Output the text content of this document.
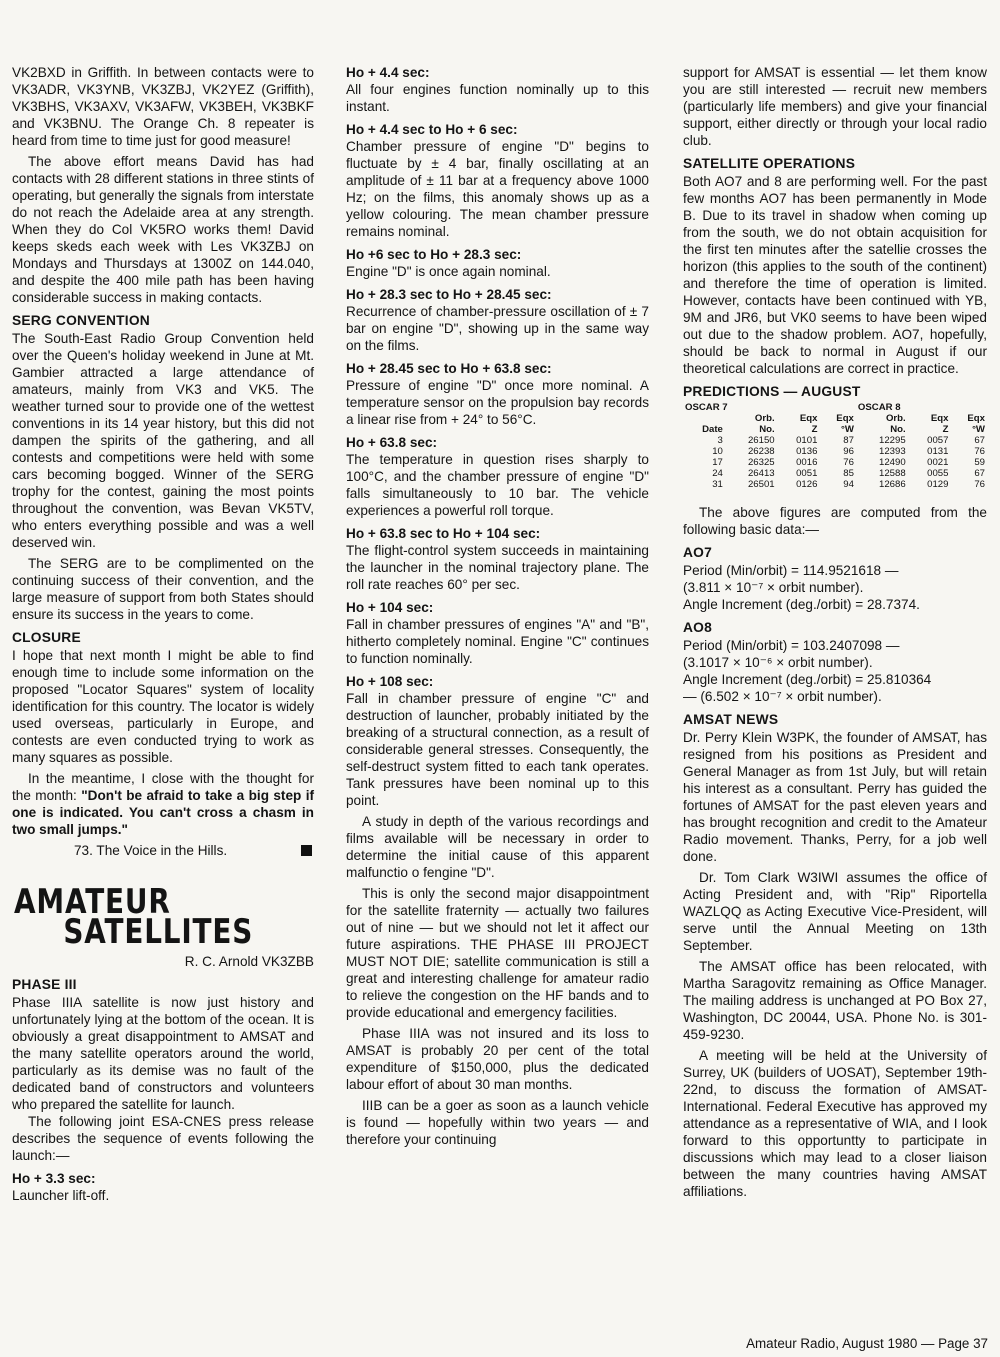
VK2BXD in Griffith. In between contacts were to VK3ADR, VK3YNB, VK3ZBJ, VK2YEZ (Griffith), VK3BHS, VK3AXV, VK3AFW, VK3BEH, VK3BKF and VK3BNU. The Orange Ch. 8 repeater is heard from time to time just for good measure!

The above effort means David has had contacts with 28 different stations in three stints of operating, but generally the signals from interstate do not reach the Adelaide area at any strength. When they do Col VK5RO works them! David keeps skeds each week with Les VK3ZBJ on Mondays and Thursdays at 1300Z on 144.040, and despite the 400 mile path has been having considerable success in making contacts.

SERG CONVENTION

The South-East Radio Group Convention held over the Queen's holiday weekend in June at Mt. Gambier attracted a large attendance of amateurs, mainly from VK3 and VK5. The weather turned sour to provide one of the wettest conventions in its 14 year history, but this did not dampen the spirits of the gathering, and all contests and competitions were held with some cars becoming bogged. Winner of the SERG trophy for the contest, gaining the most points throughout the convention, was Bevan VK5TV, who enters everything possible and was a well deserved win.

The SERG are to be complimented on the continuing success of their convention, and the large measure of support from both States should ensure its success in the years to come.

CLOSURE

I hope that next month I might be able to find enough time to include some information on the proposed "Locator Squares" system of locality identification for this country. The locator is widely used overseas, particularly in Europe, and contests are even conducted trying to work as many squares as possible.

In the meantime, I close with the thought for the month: "Don't be afraid to take a big step if one is indicated. You can't cross a chasm in two small jumps."

73. The Voice in the Hills.

AMATEUR
SATELLITES

R. C. Arnold VK3ZBB

PHASE III

Phase IIIA satellite is now just history and unfortunately lying at the bottom of the ocean. It is obviously a great disappointment to AMSAT and the many satellite operators around the world, particularly as its demise was no fault of the dedicated band of constructors and volunteers who prepared the satellite for launch.

The following joint ESA-CNES press release describes the sequence of events following the launch:—

Ho + 3.3 sec:

Launcher lift-off.

Ho + 4.4 sec:

All four engines function nominally up to this instant.

Ho + 4.4 sec to Ho + 6 sec:

Chamber pressure of engine "D" begins to fluctuate by ± 4 bar, finally oscillating at an amplitude of ± 11 bar at a frequency above 1000 Hz; on the films, this anomaly shows up as a yellow colouring. The mean chamber pressure remains nominal.

Ho +6 sec to Ho + 28.3 sec:

Engine "D" is once again nominal.

Ho + 28.3 sec to Ho + 28.45 sec:

Recurrence of chamber-pressure oscillation of ± 7 bar on engine "D", showing up in the same way on the films.

Ho + 28.45 sec to Ho + 63.8 sec:

Pressure of engine "D" once more nominal. A temperature sensor on the propulsion bay records a linear rise from + 24° to 56°C.

Ho + 63.8 sec:

The temperature in question rises sharply to 100°C, and the chamber pressure of engine "D" falls simultaneously to 10 bar. The vehicle experiences a powerful roll torque.

Ho + 63.8 sec to Ho + 104 sec:

The flight-control system succeeds in maintaining the launcher in the nominal trajectory plane. The roll rate reaches 60° per sec.

Ho + 104 sec:

Fall in chamber pressures of engines "A" and "B", hitherto completely nominal. Engine "C" continues to function nominally.

Ho + 108 sec:

Fall in chamber pressure of engine "C" and destruction of launcher, probably initiated by the breaking of a structural connection, as a result of considerable general stresses. Consequently, the self-destruct system fitted to each tank operates. Tank pressures have been nominal up to this point.

A study in depth of the various recordings and films available will be necessary in order to determine the initial cause of this apparent malfunctio o fengine "D".

This is only the second major disappointment for the satellite fraternity — actually two failures out of nine — but we should not let it affect our future aspirations. THE PHASE III PROJECT MUST NOT DIE; satellite communication is still a great and interesting challenge for amateur radio to relieve the congestion on the HF bands and to provide educational and emergency facilities.

Phase IIIA was not insured and its loss to AMSAT is probably 20 per cent of the total expenditure of $150,000, plus the dedicated labour effort of about 30 man months.

IIIB can be a goer as soon as a launch vehicle is found — hopefully within two years — and therefore your continuing

support for AMSAT is essential — let them know you are still interested — recruit new members (particularly life members) and give your financial support, either directly or through your local radio club.

SATELLITE OPERATIONS

Both AO7 and 8 are performing well. For the past few months AO7 has been permanently in Mode B. Due to its travel in shadow when coming up from the south, we do not obtain acquisition for the first ten minutes after the satellie crosses the horizon (this applies to the south of the continent) and therefore the time of operation is limited. However, contacts have been continued with YB, 9M and JR6, but VK0 seems to have been wiped out due to the shadow problem. AO7, hopefully, should be back to normal in August if our theoretical calculations are correct in practice.

PREDICTIONS — AUGUST
OSCAR 7				OSCAR 8		
	Orb.	Eqx	Eqx	Orb.	Eqx	Eqx
Date	No.	Z	°W	No.	Z	°W
3	26150	0101	87	12295	0057	67
10	26238	0136	96	12393	0131	76
17	26325	0016	76	12490	0021	59
24	26413	0051	85	12588	0055	67
31	26501	0126	94	12686	0129	76

The above figures are computed from the following basic data:—

AO7

Period (Min/orbit) = 114.9521618 —

(3.811 × 10⁻⁷ × orbit number).

Angle Increment (deg./orbit) = 28.7374.

AO8

Period (Min/orbit) = 103.2407098 —

(3.1017 × 10⁻⁶ × orbit number).

Angle Increment (deg./orbit) = 25.810364

— (6.502 × 10⁻⁷ × orbit number).

AMSAT NEWS

Dr. Perry Klein W3PK, the founder of AMSAT, has resigned from his positions as President and General Manager as from 1st July, but will retain his interest as a consultant. Perry has guided the fortunes of AMSAT for the past eleven years and has brought recognition and credit to the Amateur Radio movement. Thanks, Perry, for a job well done.

Dr. Tom Clark W3IWI assumes the office of Acting President and, with "Rip" Riportella WAZLQQ as Acting Executive Vice-President, will serve until the Annual Meeting on 13th September.

The AMSAT office has been relocated, with Martha Saragovitz remaining as Office Manager. The mailing address is unchanged at PO Box 27, Washington, DC 20044, USA. Phone No. is 301-459-9230.

A meeting will be held at the University of Surrey, UK (builders of UOSAT), September 19th-22nd, to discuss the formation of AMSAT-International. Federal Executive has approved my attendance as a representative of WIA, and I look forward to this opportuntty to participate in discussions which may lead to a closer liaison between the many countries having AMSAT affiliations.

Amateur Radio, August 1980 — Page 37
